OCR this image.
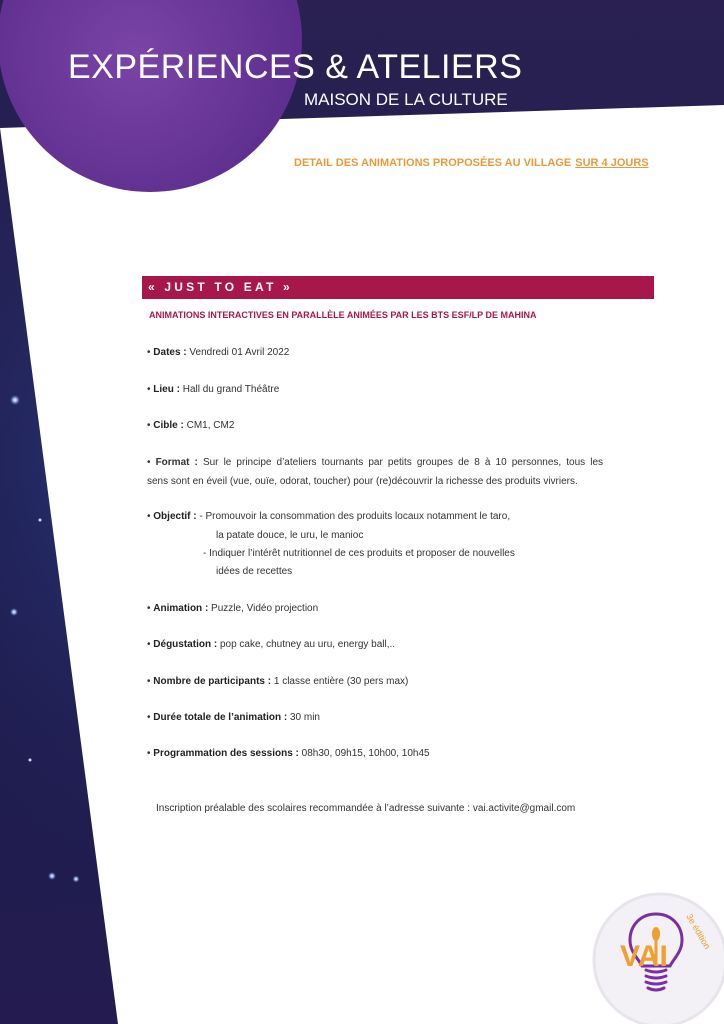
EXPÉRIENCES & ATELIERS
MAISON DE LA CULTURE
DETAIL DES ANIMATIONS PROPOSÉES AU VILLAGE SUR 4 JOURS
« JUST TO EAT »
ANIMATIONS INTERACTIVES EN PARALLÈLE ANIMÉES PAR LES BTS ESF/LP DE MAHINA
• Dates : Vendredi 01 Avril 2022
• Lieu : Hall du grand Théâtre
• Cible : CM1, CM2
• Format : Sur le principe d’ateliers tournants par petits groupes de 8 à 10 personnes, tous les
sens sont en éveil (vue, ouïe, odorat, toucher) pour (re)découvrir la richesse des produits vivriers.
• Objectif : - Promouvoir la consommation des produits locaux notamment le taro,
la patate douce, le uru, le manioc
- Indiquer l’intérêt nutritionnel de ces produits et proposer de nouvelles
idées de recettes
• Animation : Puzzle, Vidéo projection
• Dégustation : pop cake, chutney au uru, energy ball,..
• Nombre de participants : 1 classe entière (30 pers max)
• Durée totale de l’animation : 30 min
• Programmation des sessions : 08h30, 09h15, 10h00, 10h45
Inscription préalable des scolaires recommandée à l’adresse suivante : vai.activite@gmail.com
VAI
3e édition
